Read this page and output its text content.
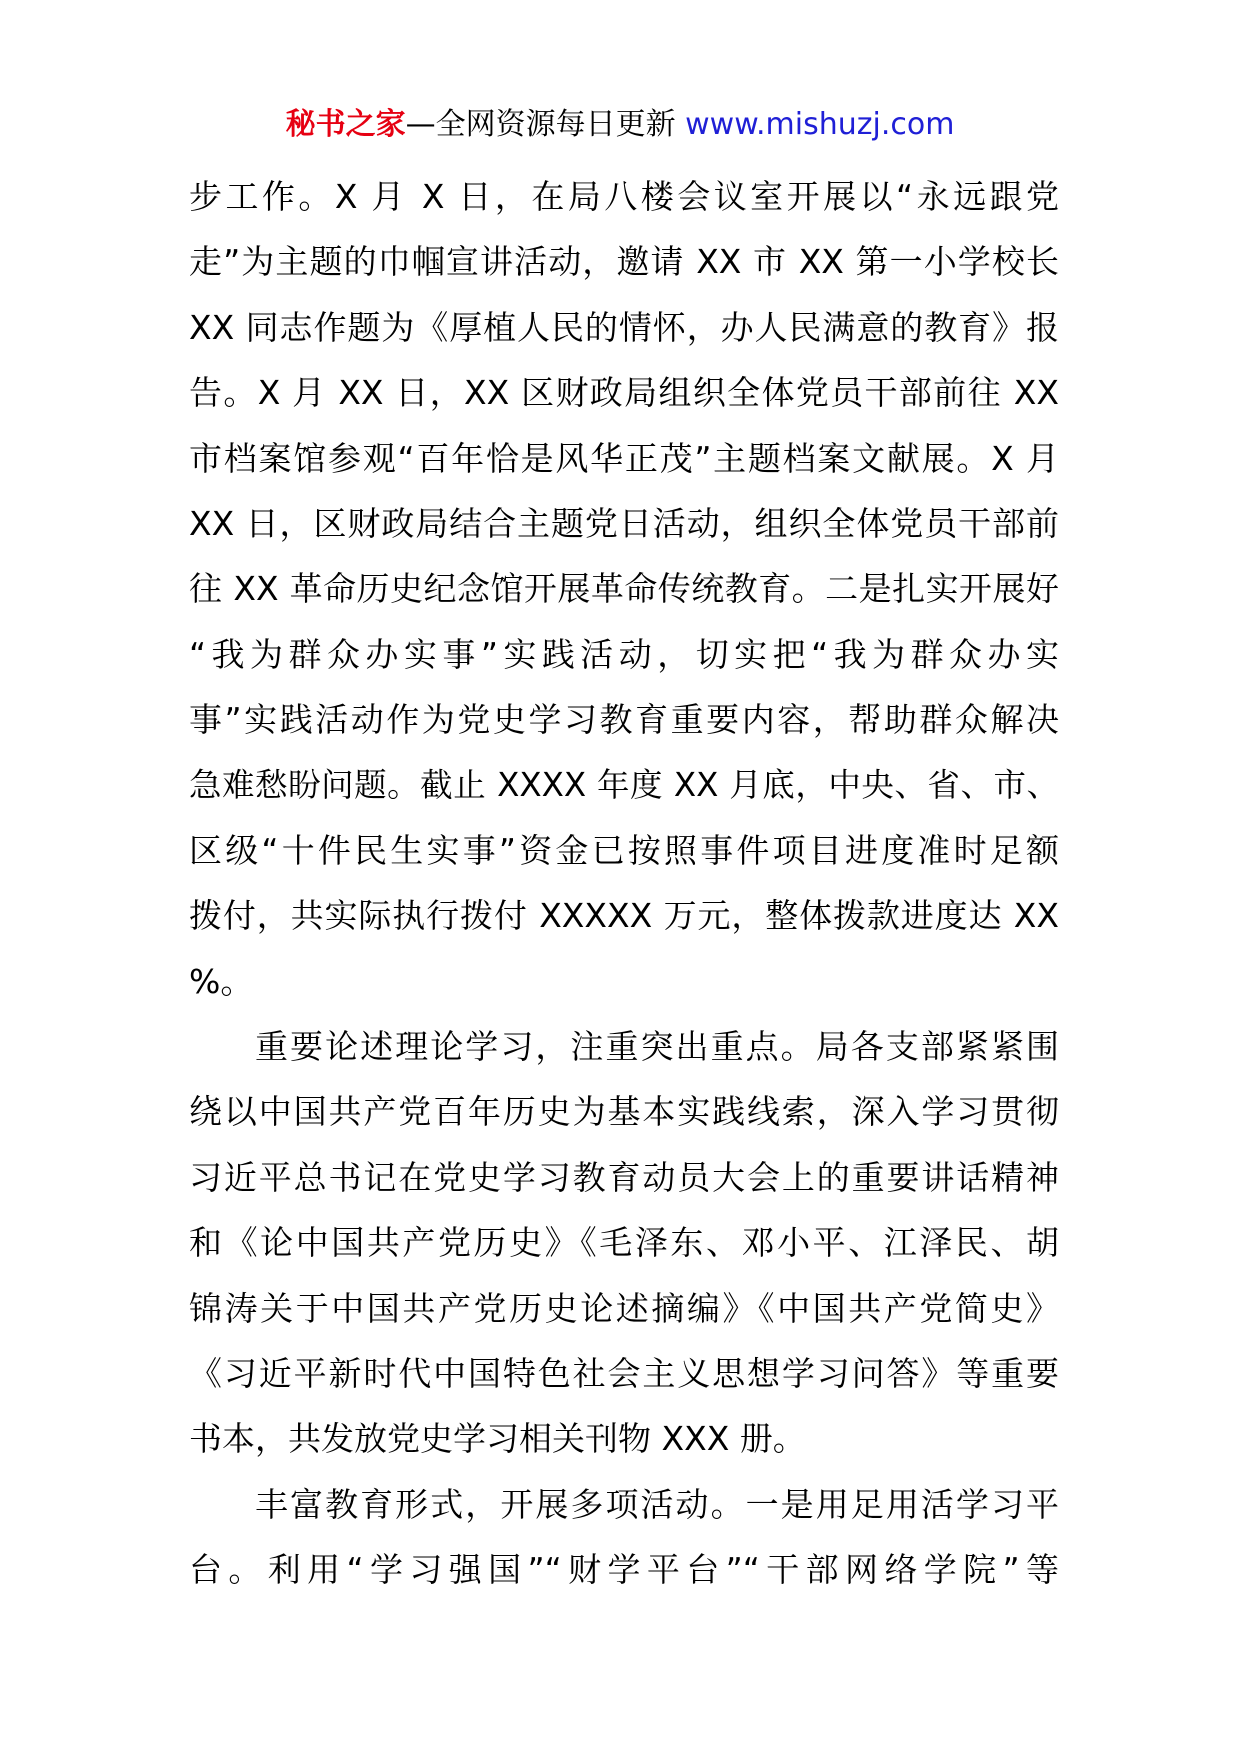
秘书之家—全网资源每日更新 www.mishuzj.com
步工作。X 月 X 日，在局八楼会议室开展以“永远跟党
走”为主题的巾帼宣讲活动，邀请 XX 市 XX 第一小学校长
XX 同志作题为《厚植人民的情怀，办人民满意的教育》报
告。X 月 XX 日，XX 区财政局组织全体党员干部前往 XX
市档案馆参观“百年恰是风华正茂”主题档案文献展。X 月
XX 日，区财政局结合主题党日活动，组织全体党员干部前
往 XX 革命历史纪念馆开展革命传统教育。二是扎实开展好
“我为群众办实事”实践活动，切实把“我为群众办实
事”实践活动作为党史学习教育重要内容，帮助群众解决
急难愁盼问题。截止 XXXX 年度 XX 月底，中央、省、市、
区级“十件民生实事”资金已按照事件项目进度准时足额
拨付，共实际执行拨付 XXXXX 万元，整体拨款进度达 XX
%。
重要论述理论学习，注重突出重点。局各支部紧紧围
绕以中国共产党百年历史为基本实践线索，深入学习贯彻
习近平总书记在党史学习教育动员大会上的重要讲话精神
和《论中国共产党历史》《毛泽东、邓小平、江泽民、胡
锦涛关于中国共产党历史论述摘编》《中国共产党简史》
《习近平新时代中国特色社会主义思想学习问答》等重要
书本，共发放党史学习相关刊物 XXX 册。
丰富教育形式，开展多项活动。一是用足用活学习平
台。利用“学习强国”“财学平台”“干部网络学院”等
